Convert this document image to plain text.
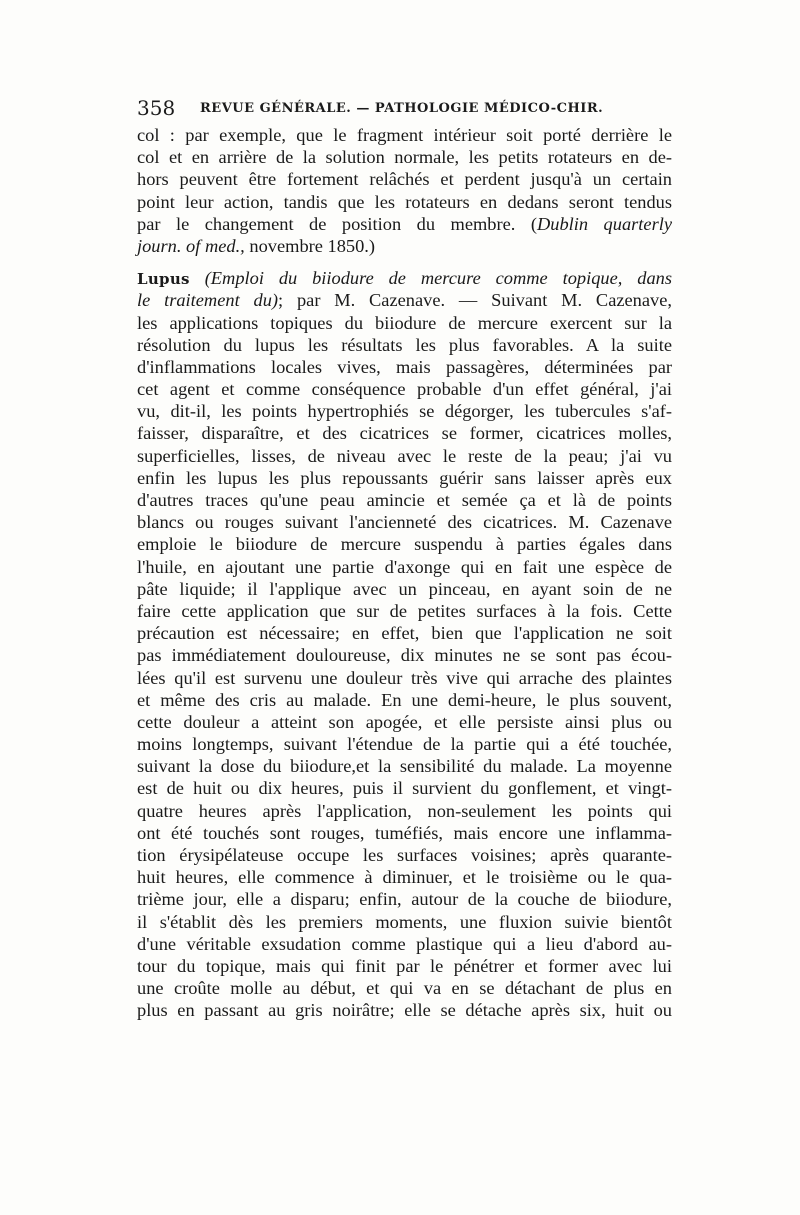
358 REVUE GÉNÉRALE. — PATHOLOGIE MÉDICO-CHIR.
col : par exemple, que le fragment intérieur soit porté derrière le
col et en arrière de la solution normale, les petits rotateurs en de-
hors peuvent être fortement relâchés et perdent jusqu'à un certain
point leur action, tandis que les rotateurs en dedans seront tendus
par le changement de position du membre. (Dublin quarterly
journ. of med., novembre 1850.)
Lupus (Emploi du biiodure de mercure comme topique, dans
le traitement du); par M. Cazenave. — Suivant M. Cazenave,
les applications topiques du biiodure de mercure exercent sur la
résolution du lupus les résultats les plus favorables. A la suite
d'inflammations locales vives, mais passagères, déterminées par
cet agent et comme conséquence probable d'un effet général, j'ai
vu, dit-il, les points hypertrophiés se dégorger, les tubercules s'af-
faisser, disparaître, et des cicatrices se former, cicatrices molles,
superficielles, lisses, de niveau avec le reste de la peau; j'ai vu
enfin les lupus les plus repoussants guérir sans laisser après eux
d'autres traces qu'une peau amincie et semée ça et là de points
blancs ou rouges suivant l'ancienneté des cicatrices. M. Cazenave
emploie le biiodure de mercure suspendu à parties égales dans
l'huile, en ajoutant une partie d'axonge qui en fait une espèce de
pâte liquide; il l'applique avec un pinceau, en ayant soin de ne
faire cette application que sur de petites surfaces à la fois. Cette
précaution est nécessaire; en effet, bien que l'application ne soit
pas immédiatement douloureuse, dix minutes ne se sont pas écou-
lées qu'il est survenu une douleur très vive qui arrache des plaintes
et même des cris au malade. En une demi-heure, le plus souvent,
cette douleur a atteint son apogée, et elle persiste ainsi plus ou
moins longtemps, suivant l'étendue de la partie qui a été touchée,
suivant la dose du biiodure,et la sensibilité du malade. La moyenne
est de huit ou dix heures, puis il survient du gonflement, et vingt-
quatre heures après l'application, non-seulement les points qui
ont été touchés sont rouges, tuméfiés, mais encore une inflamma-
tion érysipélateuse occupe les surfaces voisines; après quarante-
huit heures, elle commence à diminuer, et le troisième ou le qua-
trième jour, elle a disparu; enfin, autour de la couche de biiodure,
il s'établit dès les premiers moments, une fluxion suivie bientôt
d'une véritable exsudation comme plastique qui a lieu d'abord au-
tour du topique, mais qui finit par le pénétrer et former avec lui
une croûte molle au début, et qui va en se détachant de plus en
plus en passant au gris noirâtre; elle se détache après six, huit ou
